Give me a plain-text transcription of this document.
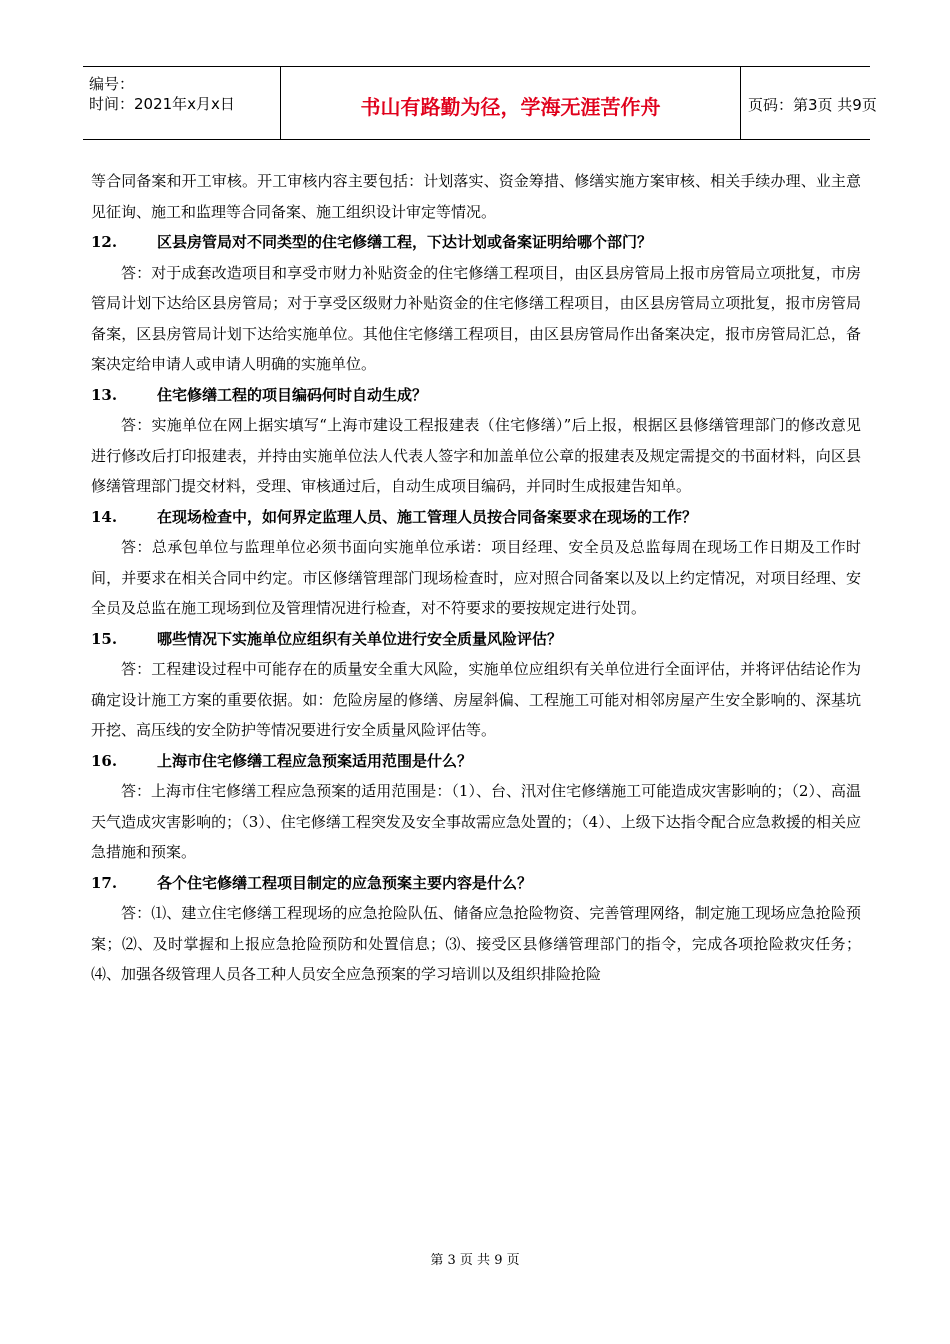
编号：
时间：2021年x月x日	书山有路勤为径，学海无涯苦作舟	页码：第3页 共9页

等合同备案和开工审核。开工审核内容主要包括：计划落实、资金筹措、修缮实施方案审核、相关手续办理、业主意见征询、施工和监理等合同备案、施工组织设计审定等情况。

12.	区县房管局对不同类型的住宅修缮工程，下达计划或备案证明给哪个部门？

答：对于成套改造项目和享受市财力补贴资金的住宅修缮工程项目，由区县房管局上报市房管局立项批复，市房管局计划下达给区县房管局；对于享受区级财力补贴资金的住宅修缮工程项目，由区县房管局立项批复，报市房管局备案，区县房管局计划下达给实施单位。其他住宅修缮工程项目，由区县房管局作出备案决定，报市房管局汇总，备案决定给申请人或申请人明确的实施单位。

13.	住宅修缮工程的项目编码何时自动生成？

答：实施单位在网上据实填写“上海市建设工程报建表（住宅修缮）”后上报，根据区县修缮管理部门的修改意见进行修改后打印报建表，并持由实施单位法人代表人签字和加盖单位公章的报建表及规定需提交的书面材料，向区县修缮管理部门提交材料，受理、审核通过后，自动生成项目编码，并同时生成报建告知单。

14.	在现场检查中，如何界定监理人员、施工管理人员按合同备案要求在现场的工作？

答：总承包单位与监理单位必须书面向实施单位承诺：项目经理、安全员及总监每周在现场工作日期及工作时间，并要求在相关合同中约定。市区修缮管理部门现场检查时，应对照合同备案以及以上约定情况，对项目经理、安全员及总监在施工现场到位及管理情况进行检查，对不符要求的要按规定进行处罚。

15.	哪些情况下实施单位应组织有关单位进行安全质量风险评估？

答：工程建设过程中可能存在的质量安全重大风险，实施单位应组织有关单位进行全面评估，并将评估结论作为确定设计施工方案的重要依据。如：危险房屋的修缮、房屋斜偏、工程施工可能对相邻房屋产生安全影响的、深基坑开挖、高压线的安全防护等情况要进行安全质量风险评估等。

16.	上海市住宅修缮工程应急预案适用范围是什么？

答：上海市住宅修缮工程应急预案的适用范围是：（1）、台、汛对住宅修缮施工可能造成灾害影响的；（2）、高温天气造成灾害影响的；（3）、住宅修缮工程突发及安全事故需应急处置的；（4）、上级下达指令配合应急救援的相关应急措施和预案。

17.	各个住宅修缮工程项目制定的应急预案主要内容是什么？

答：⑴、建立住宅修缮工程现场的应急抢险队伍、储备应急抢险物资、完善管理网络，制定施工现场应急抢险预案；⑵、及时掌握和上报应急抢险预防和处置信息；⑶、接受区县修缮管理部门的指令，完成各项抢险救灾任务；⑷、加强各级管理人员各工种人员安全应急预案的学习培训以及组织排险抢险

第 3 页 共 9 页
